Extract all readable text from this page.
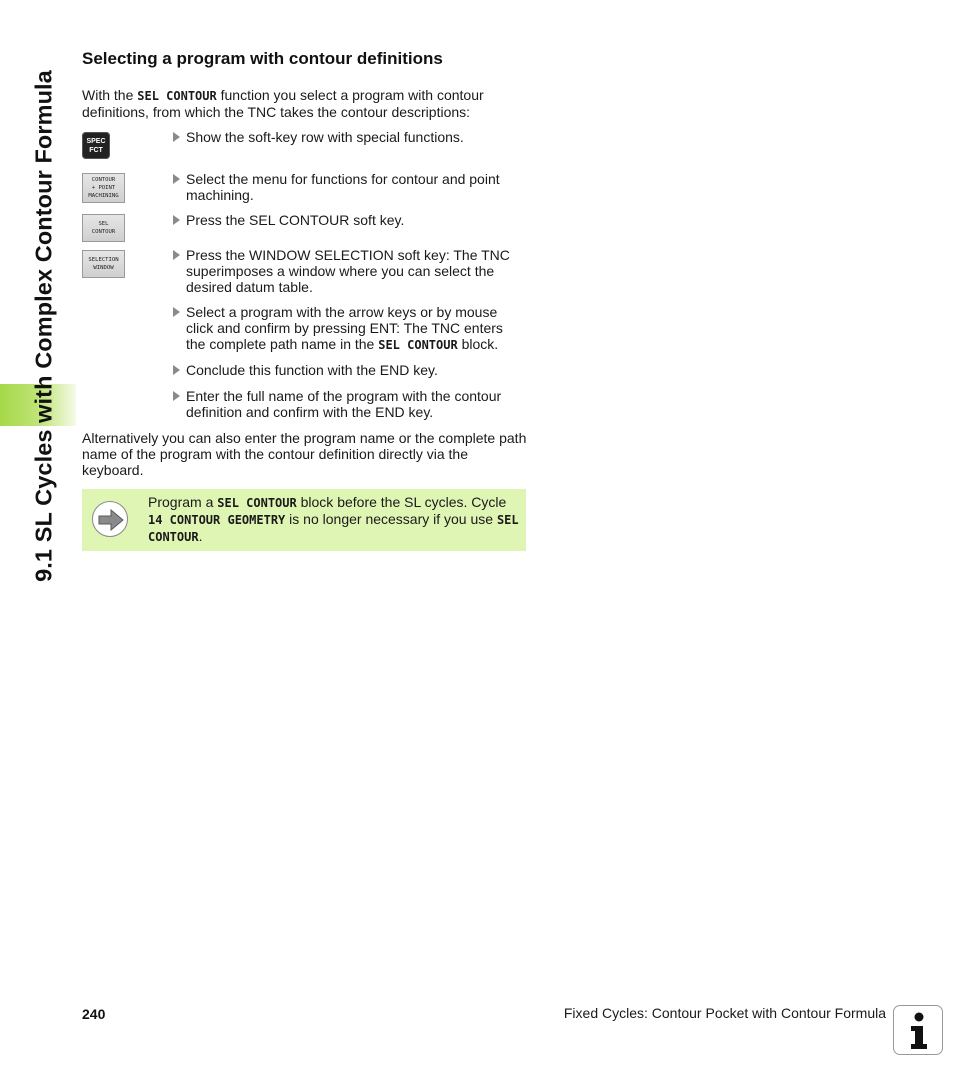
9.1 SL Cycles with Complex Contour Formula
Selecting a program with contour definitions

With the SEL CONTOUR function you select a program with contour definitions, from which the TNC takes the contour descriptions:

SPEC
FCT
CONTOUR
+ POINT
MACHINING
SEL
CONTOUR
SELECTION
WINDOW
Show the soft-key row with special functions.
Select the menu for functions for contour and point machining.
Press the SEL CONTOUR soft key.
Press the WINDOW SELECTION soft key: The TNC superimposes a window where you can select the desired datum table.
Select a program with the arrow keys or by mouse click and confirm by pressing ENT: The TNC enters the complete path name in the SEL CONTOUR block.
Conclude this function with the END key.
Enter the full name of the program with the contour definition and confirm with the END key.

Alternatively you can also enter the program name or the complete path name of the program with the contour definition directly via the keyboard.

Program a SEL CONTOUR block before the SL cycles. Cycle 14 CONTOUR GEOMETRY is no longer necessary if you use SEL CONTOUR.
240	Fixed Cycles: Contour Pocket with Contour Formula
